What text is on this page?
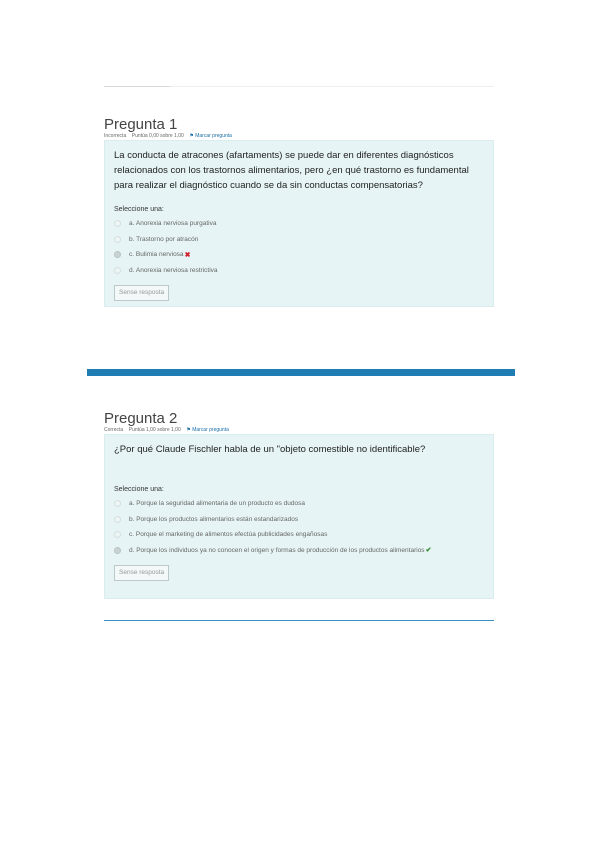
Pregunta 1
Incorrecta Puntúa 0,00 sobre 1,00 ⚑ Marcar pregunta
La conducta de atracones (afartaments) se puede dar en diferentes diagnósticos relacionados con los trastornos alimentarios, pero ¿en qué trastorno es fundamental para realizar el diagnóstico cuando se da sin conductas compensatorias?
Seleccione una:
a. Anorexia nerviosa purgativa
b. Trastorno por atracón
c. Bulimia nerviosa ✖
d. Anorexia nerviosa restrictiva
Sense resposta
Pregunta 2
Correcta Puntúa 1,00 sobre 1,00 ⚑ Marcar pregunta
¿Por qué Claude Fischler habla de un "objeto comestible no identificable?
Seleccione una:
a. Porque la seguridad alimentaria de un producto es dudosa
b. Porque los productos alimentarios están estandarizados
c. Porque el marketing de alimentos efectúa publicidades engañosas
d. Porque los individuos ya no conocen el origen y formas de producción de los productos alimentarios ✔
Sense resposta
